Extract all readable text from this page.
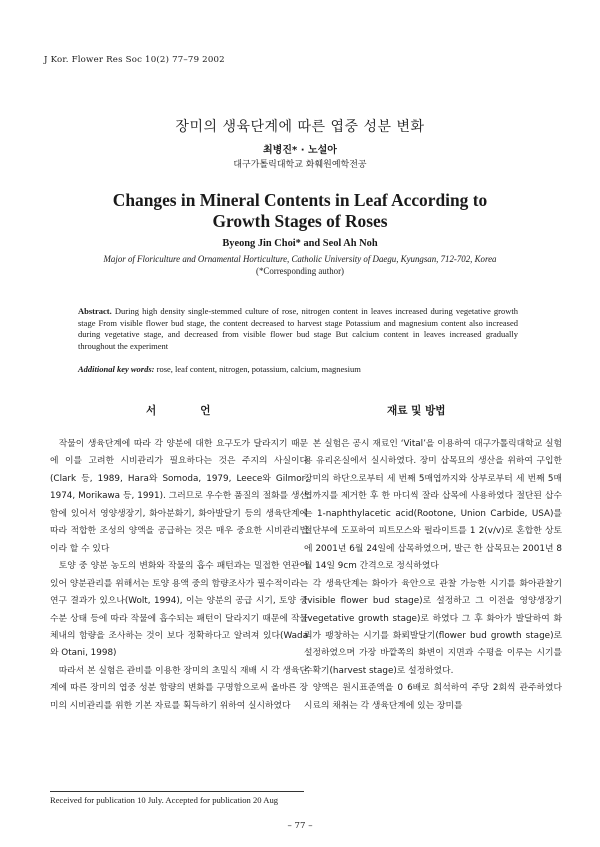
J Kor. Flower Res Soc 10(2) 77–79 2002
장미의 생육단계에 따른 엽중 성분 변화
최병진* · 노설아
대구가톨릭대학교 화훼원예학전공
Changes in Mineral Contents in Leaf According to
Growth Stages of Roses
Byeong Jin Choi* and Seol Ah Noh
Major of Floriculture and Ornamental Horticulture, Catholic University of Daegu, Kyungsan, 712-702, Korea
(*Corresponding author)
Abstract. During high density single-stemmed culture of rose, nitrogen content in leaves increased during vegetative growth stage From visible flower bud stage, the content decreased to harvest stage Potassium and magnesium content also increased during vegetative stage, and decreased from visible flower bud stage But calcium content in leaves increased gradually throughout the experiment
Additional key words: rose, leaf content, nitrogen, potassium, calcium, magnesium
서 언	재료 및 방법

작물이 생육단계에 따라 각 양분에 대한 요구도가 달라지기 때문에 이를 고려한 시비관리가 필요하다는 것은 주지의 사실이다(Clark 등, 1989, Hara와 Somoda, 1979, Leece와 Gilmor, 1974, Morikawa 등, 1991). 그러므로 우수한 품질의 절화를 생산함에 있어서 영양생장기, 화아분화기, 화아발달기 등의 생육단계에 따라 적합한 조성의 양액을 공급하는 것은 매우 중요한 시비관리법이라 할 수 있다

토양 중 양분 농도의 변화와 작물의 흡수 패턴과는 밀접한 연관이 있어 양분관리를 위해서는 토양 용액 중의 함량조사가 필수적이라는 연구 결과가 있으나(Wolt, 1994), 이는 양분의 공급 시기, 토양 중 수분 상태 등에 따라 작물에 흡수되는 패턴이 달라지기 때문에 작물 체내의 함량을 조사하는 것이 보다 정확하다고 알려져 있다(Wada와 Otani, 1998)

따라서 본 실험은 관비를 이용한 장미의 초밀식 재배 시 각 생육단계에 따른 장미의 엽중 성분 함량의 변화를 구명함으로써 올바른 장미의 시비관리를 위한 기본 자료를 획득하기 위하여 실시하였다

본 실험은 공시 재료인 ‘Vital’을 이용하여 대구가톨릭대학교 실험용 유리온실에서 실시하였다. 장미 삽목묘의 생산을 위하여 구입한 장미의 하단으로부터 세 번째 5매엽까지와 상부로부터 세 번째 5매엽까지를 제거한 후 한 마디씩 잘라 삽목에 사용하였다 절단된 삽수는 1-naphthylacetic acid(Rootone, Union Carbide, USA)를 절단부에 도포하여 피트모스와 펄라이트를 1 2(v/v)로 혼합한 상토에 2001년 6월 24일에 삽목하였으며, 발근 한 삽목묘는 2001년 8월 14일 9cm 간격으로 정식하였다

각 생육단계는 화아가 육안으로 관찰 가능한 시기를 화아관찰기(visible flower bud stage)로 설정하고 그 이전을 영양생장기(vegetative growth stage)로 하였다 그 후 화아가 발달하여 화뢰가 팽창하는 시기를 화뢰발달기(flower bud growth stage)로 설정하였으며 가장 바깥쪽의 화변이 지면과 수평을 이루는 시기를 수확기(harvest stage)로 설정하였다.

양액은 원시표준액을 0 6배로 희석하여 주당 2회씩 관주하였다 시료의 채취는 각 생육단계에 있는 장미를

Received for publication 10 July. Accepted for publication 20 Aug
– 77 –
